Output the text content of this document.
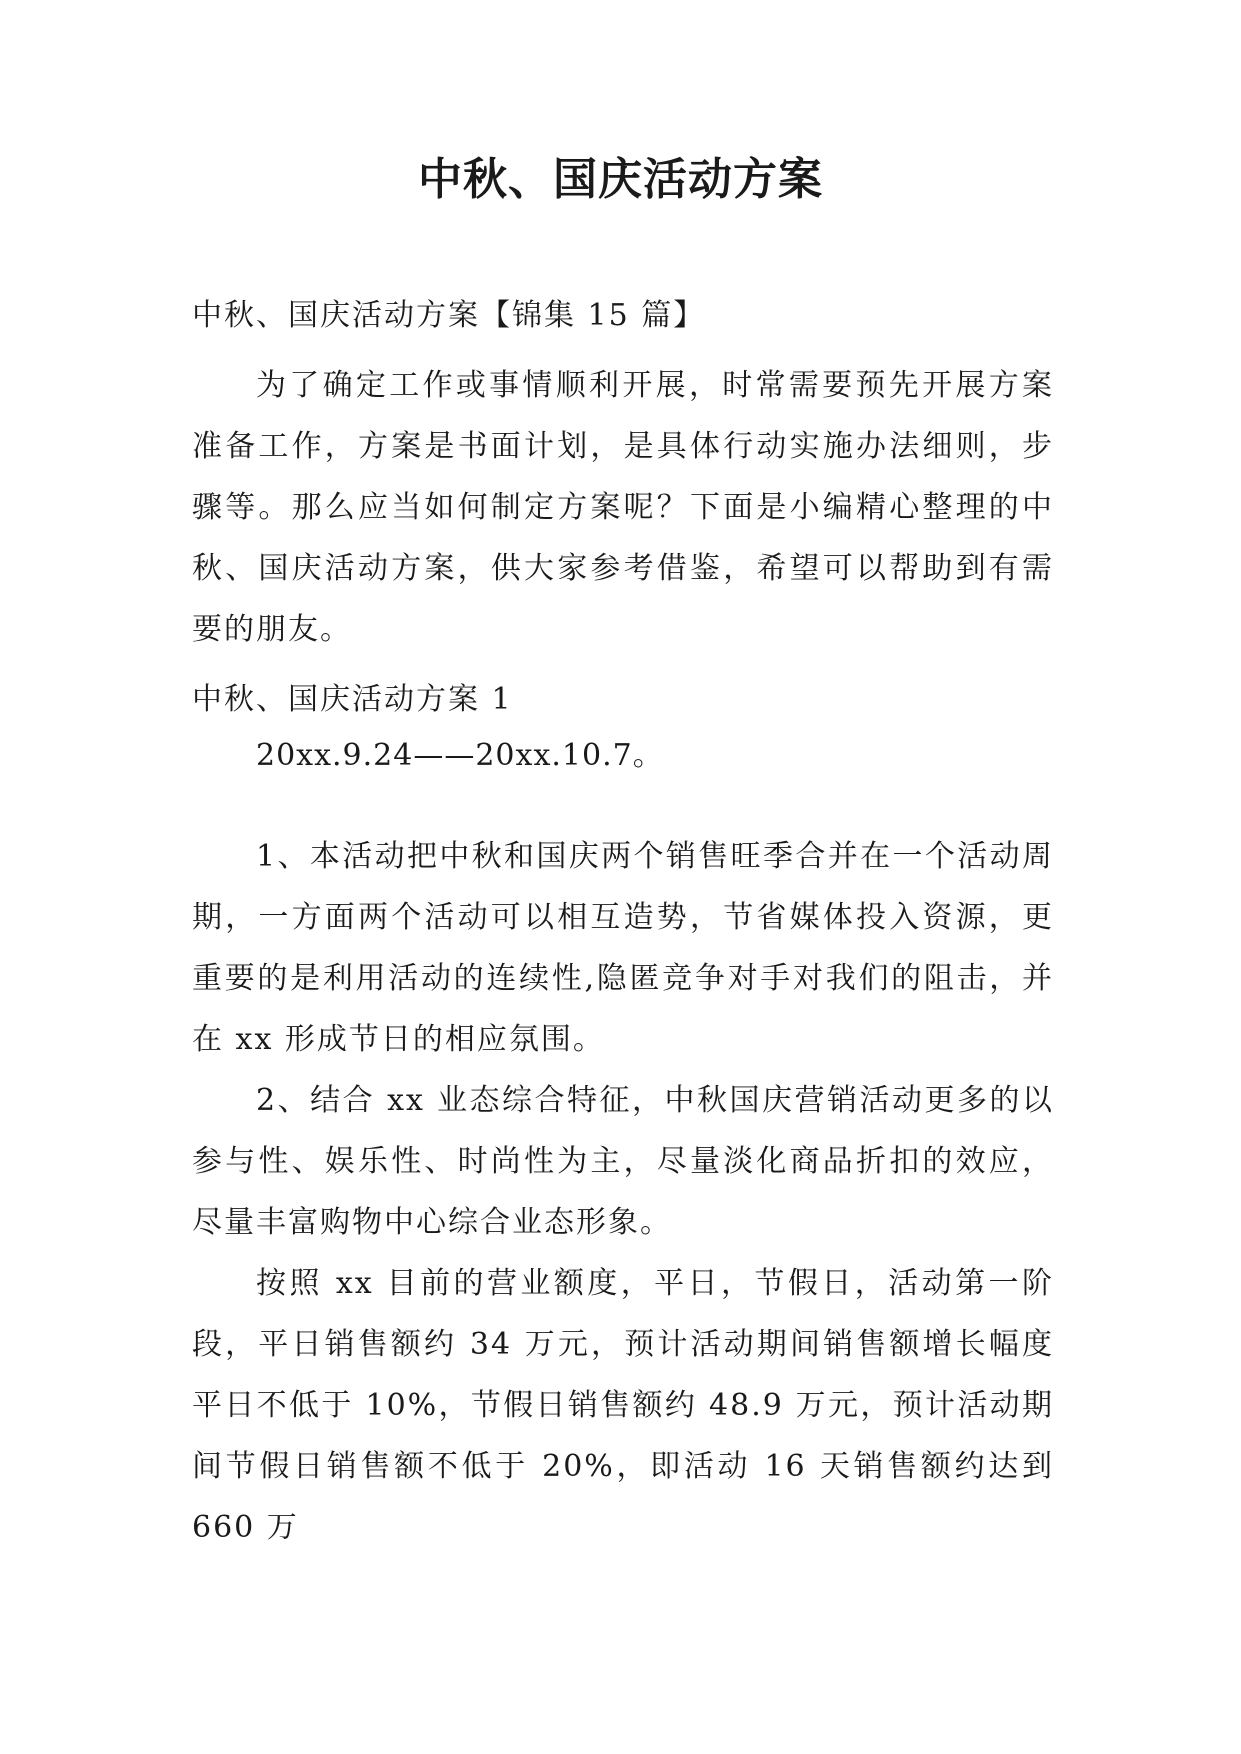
中秋、国庆活动方案
中秋、国庆活动方案【锦集 15 篇】

为了确定工作或事情顺利开展，时常需要预先开展方案准备工作，方案是书面计划，是具体行动实施办法细则，步骤等。那么应当如何制定方案呢？下面是小编精心整理的中秋、国庆活动方案，供大家参考借鉴，希望可以帮助到有需要的朋友。

中秋、国庆活动方案 1
20xx.9.24——20xx.10.7。

1、本活动把中秋和国庆两个销售旺季合并在一个活动周期，一方面两个活动可以相互造势，节省媒体投入资源，更重要的是利用活动的连续性,隐匿竞争对手对我们的阻击，并在 xx 形成节日的相应氛围。

2、结合 xx 业态综合特征，中秋国庆营销活动更多的以参与性、娱乐性、时尚性为主，尽量淡化商品折扣的效应，尽量丰富购物中心综合业态形象。

按照 xx 目前的营业额度，平日，节假日，活动第一阶段，平日销售额约 34 万元，预计活动期间销售额增长幅度平日不低于 10%，节假日销售额约 48.9 万元，预计活动期间节假日销售额不低于 20%，即活动 16 天销售额约达到 660 万
